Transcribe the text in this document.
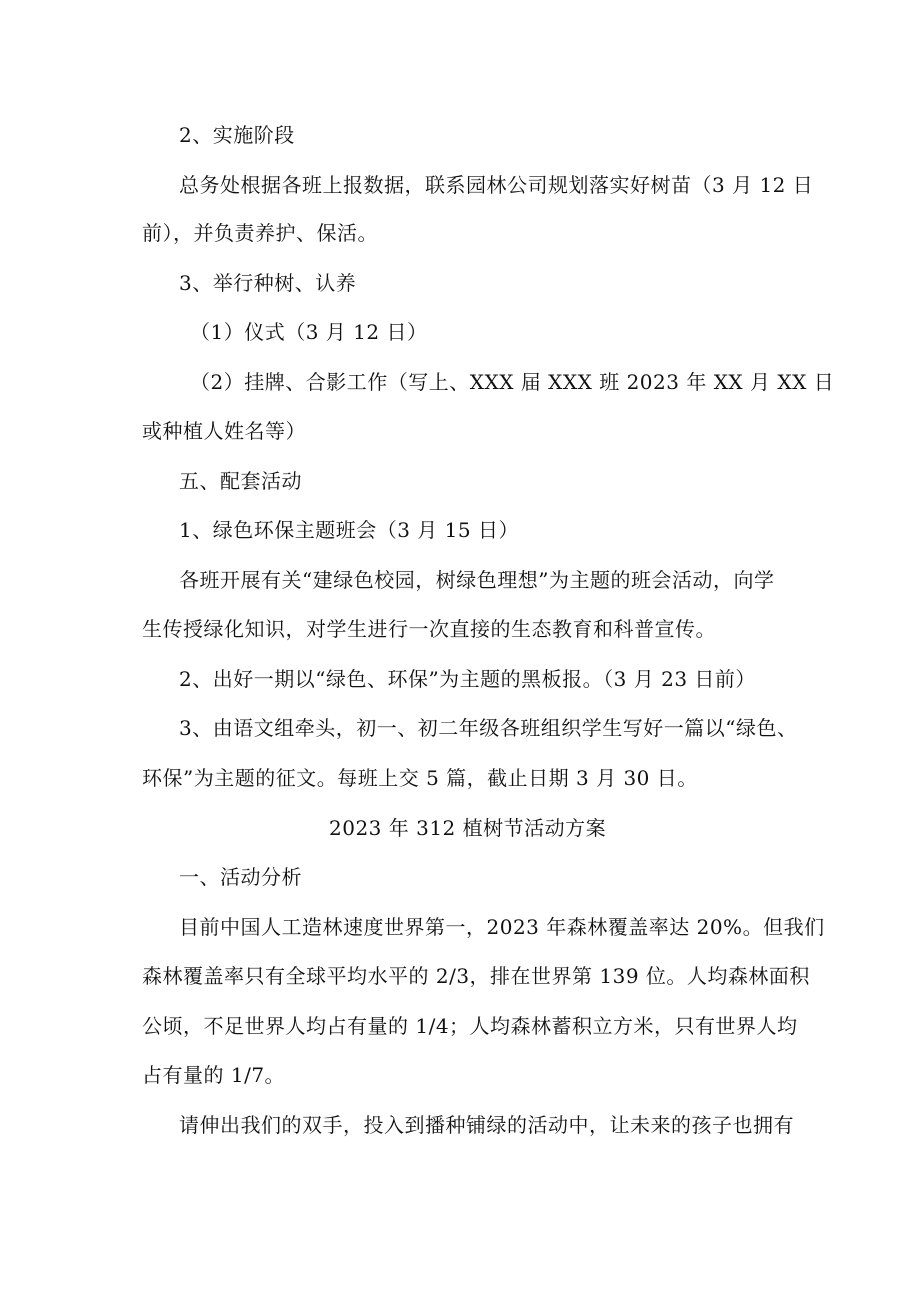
2、实施阶段
总务处根据各班上报数据，联系园林公司规划落实好树苗（3 月 12 日
前），并负责养护、保活。
3、举行种树、认养
（1）仪式（3 月 12 日）
（2）挂牌、合影工作（写上、XXX 届 XXX 班 2023 年 XX 月 XX 日
或种植人姓名等）
五、配套活动
1、绿色环保主题班会（3 月 15 日）
各班开展有关“建绿色校园，树绿色理想”为主题的班会活动，向学
生传授绿化知识，对学生进行一次直接的生态教育和科普宣传。
2、出好一期以“绿色、环保”为主题的黑板报。（3 月 23 日前）
3、由语文组牵头，初一、初二年级各班组织学生写好一篇以“绿色、
环保”为主题的征文。每班上交 5 篇，截止日期 3 月 30 日。
2023 年 312 植树节活动方案
一、活动分析
目前中国人工造林速度世界第一，2023 年森林覆盖率达 20%。但我们
森林覆盖率只有全球平均水平的 2/3，排在世界第 139 位。人均森林面积
公顷，不足世界人均占有量的 1/4；人均森林蓄积立方米，只有世界人均
占有量的 1/7。
请伸出我们的双手，投入到播种铺绿的活动中，让未来的孩子也拥有
